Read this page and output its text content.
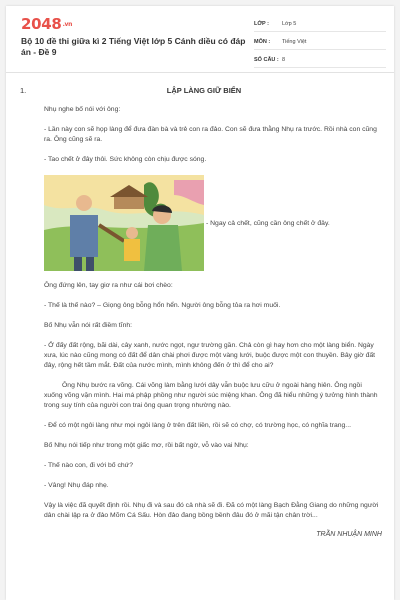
2048.vn
Bộ 10 đề thi giữa kì 2 Tiếng Việt lớp 5 Cánh diều có đáp án - Đề 9
LỚP :	Lớp 5
MÔN :	Tiếng Việt
SỐ CÂU : 8
1.	LẬP LÀNG GIỮ BIỂN

Nhụ nghe bố nói với ông:

- Lần này con sẽ họp làng để đưa đàn bà và trẻ con ra đảo. Con sẽ đưa thằng Nhụ ra trước. Rồi nhà con cũng ra. Ông cũng sẽ ra.

- Tao chết ở đây thôi. Sức không còn chịu được sóng.

- Ngay cả chết, cũng cần ông chết ở đây.

Ông đứng lên, tay giơ ra như cái bơi chèo:

- Thế là thế nào? – Giọng ông bỗng hổn hển. Người ông bỗng tỏa ra hơi muối.

Bố Nhụ vẫn nói rất điềm tĩnh:

- Ở đấy đất rộng, bãi dài, cây xanh, nước ngọt, ngư trường gần. Chả còn gì hay hơn cho một làng biển. Ngày xưa, lúc nào cũng mong có đất để dân chài phơi được một vàng lưới, buộc được một con thuyền. Bây giờ đất đây, rộng hết tầm mắt. Đất của nước mình, mình không đến ở thì để cho ai?

Ông Nhụ bước ra võng. Cái võng làm bằng lưới dây vẫn buộc lưu cữu ở ngoài hàng hiên. Ông ngồi xuống võng vặn mình. Hai má phập phồng như người súc miệng khan. Ông đã hiểu những ý tưởng hình thành trong suy tính của người con trai ông quan trọng nhường nào.

- Để có một ngôi làng như mọi ngôi làng ở trên đất liền, rồi sẽ có chợ, có trường học, có nghĩa trang...

Bố Nhụ nói tiếp như trong một giấc mơ, rồi bất ngờ, vỗ vào vai Nhụ:

- Thế nào con, đi với bố chứ?

- Vâng! Nhụ đáp nhẹ.

Vậy là việc đã quyết định rồi. Nhụ đi và sau đó cả nhà sẽ đi. Đã có một làng Bạch Đằng Giang do những người dân chài lập ra ở đảo Mõm Cá Sấu. Hòn đảo đang bồng bềnh đâu đó ở mãi tận chân trời...

TRẦN NHUẬN MINH
